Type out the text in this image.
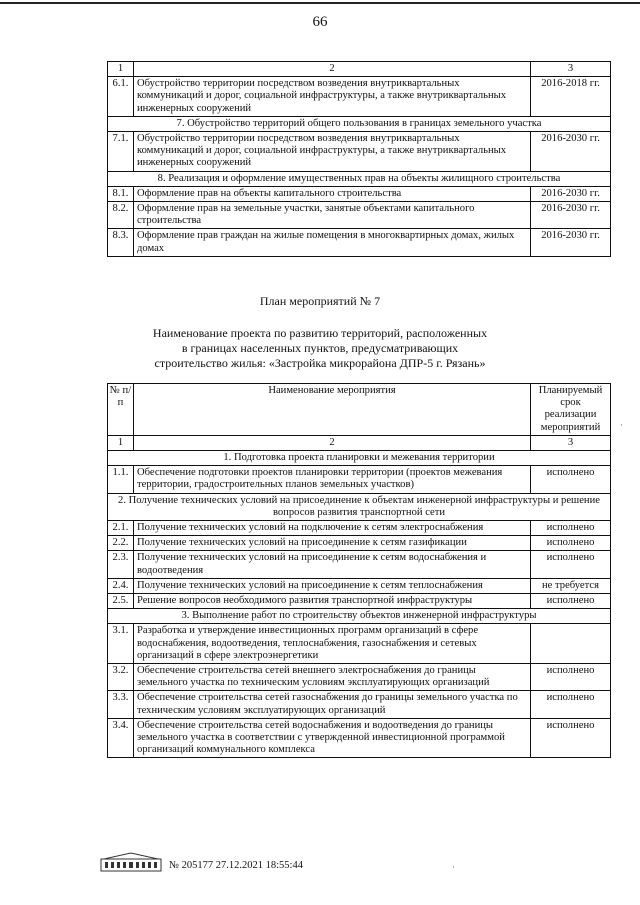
66
1	2	3
6.1.	Обустройство территории посредством возведения внутриквартальных коммуникаций и дорог, социальной инфраструктуры, а также внутриквартальных инженерных сооружений	2016-2018 гг.
7. Обустройство территорий общего пользования в границах земельного участка		
7.1.	Обустройство территории посредством возведения внутриквартальных коммуникаций и дорог, социальной инфраструктуры, а также внутриквартальных инженерных сооружений	2016-2030 гг.
8. Реализация и оформление имущественных прав на объекты жилищного строительства		
8.1.	Оформление прав на объекты капитального строительства	2016-2030 гг.
8.2.	Оформление прав на земельные участки, занятые объектами капитального строительства	2016-2030 гг.
8.3.	Оформление прав граждан на жилые помещения в многоквартирных домах, жилых домах	2016-2030 гг.
План мероприятий № 7
Наименование проекта по развитию территорий, расположенных
в границах населенных пунктов, предусматривающих
строительство жилья: «Застройка микрорайона ДПР-5 г. Рязань»
№ п/п	Наименование мероприятия	Планируемый срок реализации мероприятий
1	2	3
1. Подготовка проекта планировки и межевания территории		
1.1.	Обеспечение подготовки проектов планировки территории (проектов межевания территории, градостроительных планов земельных участков)	исполнено
2. Получение технических условий на присоединение к объектам инженерной инфраструктуры и решение вопросов развития транспортной сети		
2.1.	Получение технических условий на подключение к сетям электроснабжения	исполнено
2.2.	Получение технических условий на присоединение к сетям газификации	исполнено
2.3.	Получение технических условий на присоединение к сетям водоснабжения и водоотведения	исполнено
2.4.	Получение технических условий на присоединение к сетям теплоснабжения	не требуется
2.5.	Решение вопросов необходимого развития транспортной инфраструктуры	исполнено
3. Выполнение работ по строительству объектов инженерной инфраструктуры		
3.1.	Разработка и утверждение инвестиционных программ организаций в сфере водоснабжения, водоотведения, теплоснабжения, газоснабжения и сетевых организаций в сфере электроэнергетики	
3.2.	Обеспечение строительства сетей внешнего электроснабжения до границы земельного участка по техническим условиям эксплуатирующих организаций	исполнено
3.3.	Обеспечение строительства сетей газоснабжения до границы земельного участка по техническим условиям эксплуатирующих организаций	исполнено
3.4.	Обеспечение строительства сетей водоснабжения и водоотведения до границы земельного участка в соответствии с утвержденной инвестиционной программой организаций коммунального комплекса	исполнено
№ 205177 27.12.2021 18:55:44	·
·
